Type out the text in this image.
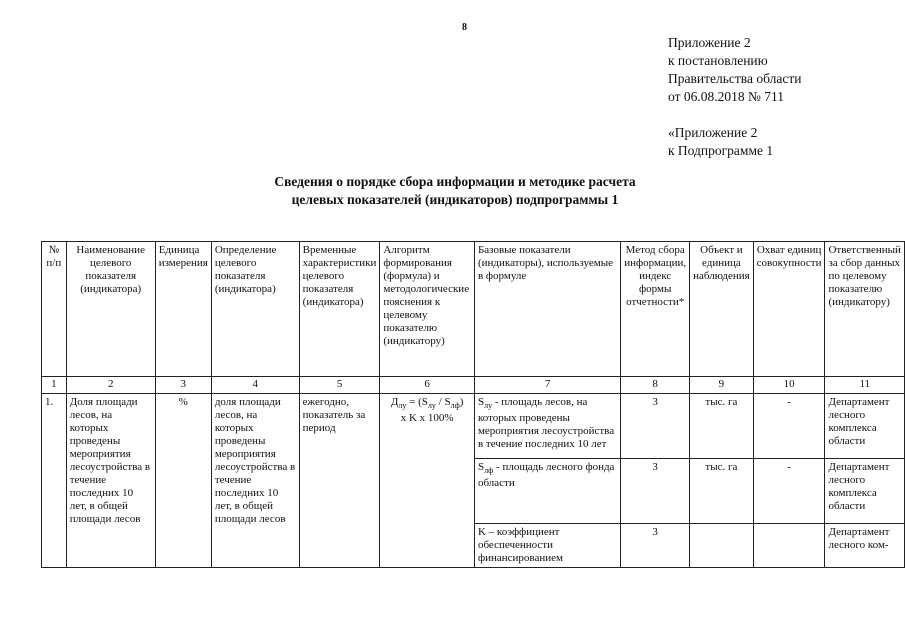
8
Приложение 2
к постановлению
Правительства области
от 06.08.2018 № 711
«Приложение 2
к Подпрограмме 1
Сведения о порядке сбора информации и методике расчета
целевых показателей (индикаторов) подпрограммы 1
№ п/п	Наименование целевого показателя (индикатора)	Единица измерения	Определение целевого показателя (индикатора)	Временные характеристики целевого показателя (индикатора)	Алгоритм формирования (формула) и методологические пояснения к целевому показателю (индикатору)	Базовые показатели (индикаторы), используемые в формуле	Метод сбора информации, индекс формы отчетности*	Объект и единица наблюдения	Охват единиц совокупности	Ответственный за сбор данных по целевому показателю (индикатору)
1	2	3	4	5	6	7	8	9	10	11
1.	Доля площади лесов, на которых проведены мероприятия лесоустройства в течение последних 10 лет, в общей площади лесов	%	доля площади лесов, на которых проведены мероприятия лесоустройства в течение последних 10 лет, в общей площади лесов	ежегодно, показатель за период	$Д_{лу} = (S_{лу} / S_{лф})$
x K x 100%	$S_{лу}$ - площадь лесов, на которых проведены мероприятия лесоустройства в течение последних 10 лет	3	тыс. га	-	Департамент лесного комплекса области
						$S_{лф}$ - площадь лесного фонда области	3	тыс. га	-	Департамент лесного комплекса области
						K – коэффициент обеспеченности финансированием	3			Департамент лесного ком-
